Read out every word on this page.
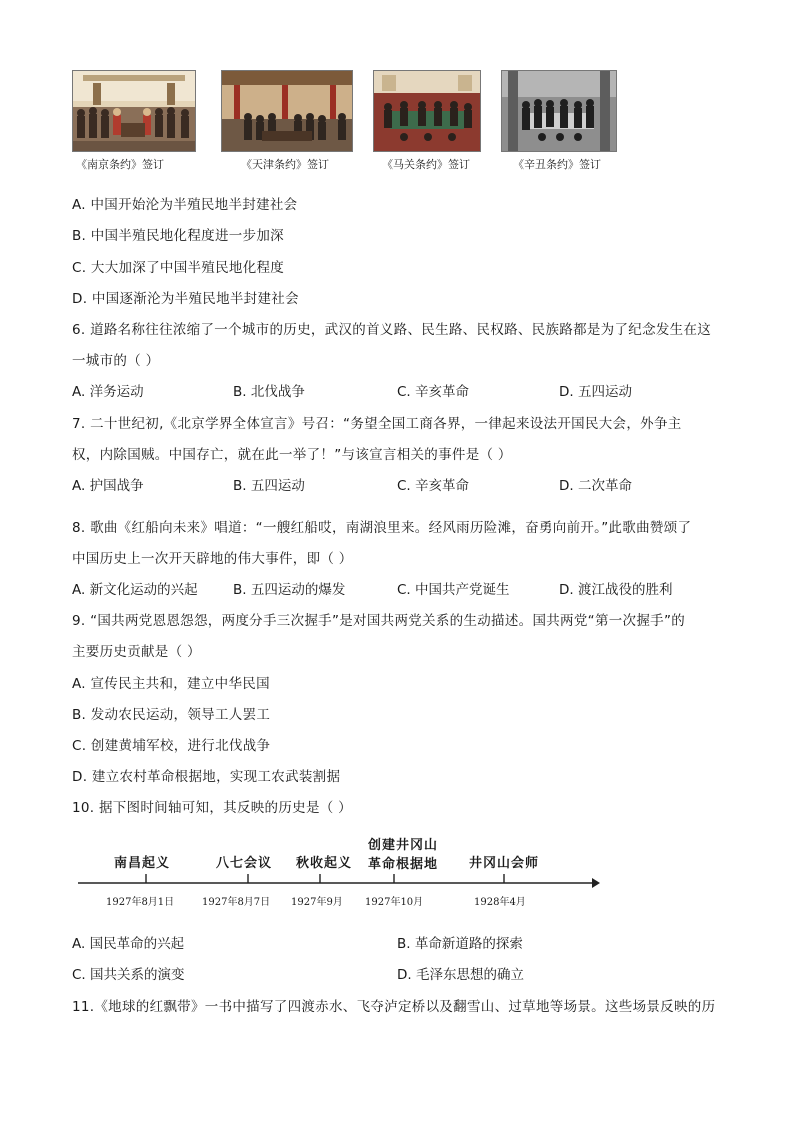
《南京条约》签订	《天津条约》签订	《马关条约》签订	《辛丑条约》签订
A. 中国开始沦为半殖民地半封建社会
B. 中国半殖民地化程度进一步加深
C. 大大加深了中国半殖民地化程度
D. 中国逐渐沦为半殖民地半封建社会
6. 道路名称往往浓缩了一个城市的历史，武汉的首义路、民生路、民权路、民族路都是为了纪念发生在这
一城市的（ ）
A. 洋务运动	B. 北伐战争	C. 辛亥革命	D. 五四运动
7. 二十世纪初,《北京学界全体宣言》号召：“务望全国工商各界，一律起来设法开国民大会，外争主
权，内除国贼。中国存亡，就在此一举了！”与该宣言相关的事件是（ ）
A. 护国战争	B. 五四运动	C. 辛亥革命	D. 二次革命
8. 歌曲《红船向未来》唱道：“一艘红船哎，南湖浪里来。经风雨历险滩，奋勇向前开。”此歌曲赞颂了
中国历史上一次开天辟地的伟大事件，即（ ）
A. 新文化运动的兴起	B. 五四运动的爆发	C. 中国共产党诞生	D. 渡江战役的胜利
9. “国共两党恩恩怨怨，两度分手三次握手”是对国共两党关系的生动描述。国共两党“第一次握手”的
主要历史贡献是（ ）
A. 宣传民主共和，建立中华民国
B. 发动农民运动，领导工人罢工
C. 创建黄埔军校，进行北伐战争
D. 建立农村革命根据地，实现工农武装割据
10. 据下图时间轴可知，其反映的历史是（ ）
南昌起义	八七会议 秋收起义
创建井冈山
革命根据地 井冈山会师
1927年8月1日	1927年8月7日 1927年9月 1927年10月	1928年4月
A. 国民革命的兴起	B. 革命新道路的探索
C. 国共关系的演变	D. 毛泽东思想的确立
11.《地球的红飘带》一书中描写了四渡赤水、飞夺泸定桥以及翻雪山、过草地等场景。这些场景反映的历
